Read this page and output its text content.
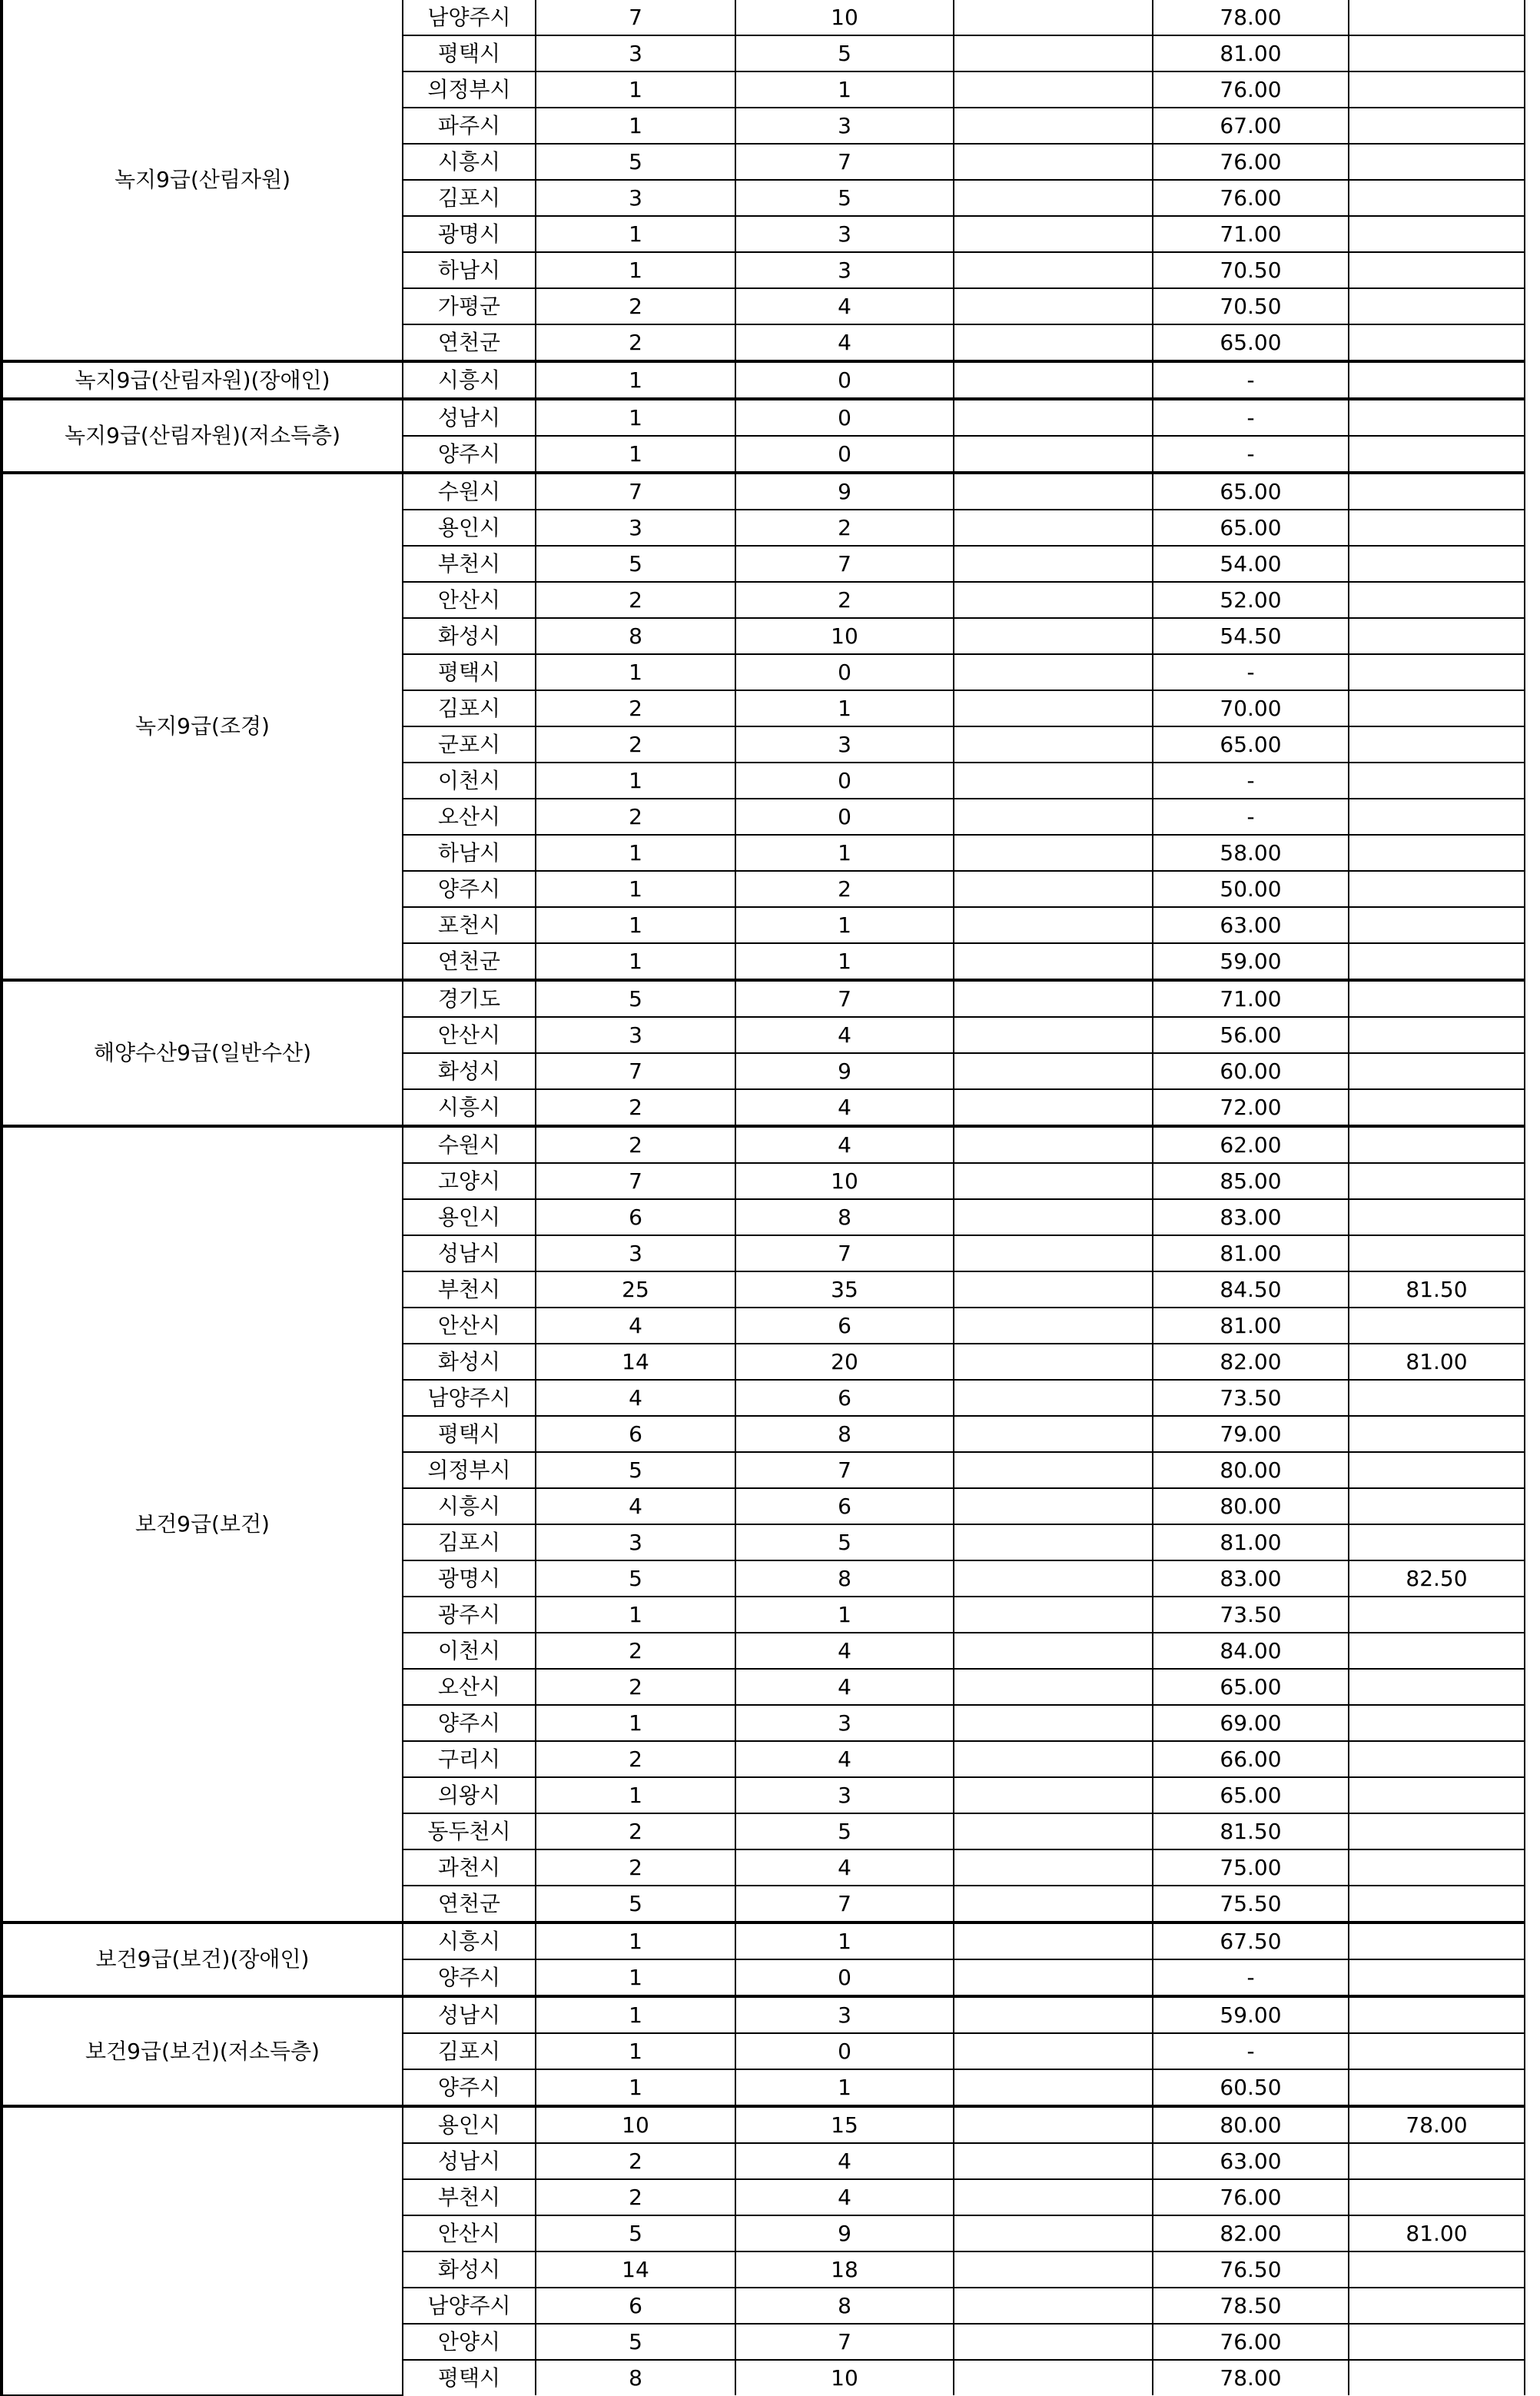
녹지9급(산림자원)	남양주시	7	10		78.00	
	평택시	3	5		81.00	
	의정부시	1	1		76.00	
	파주시	1	3		67.00	
	시흥시	5	7		76.00	
	김포시	3	5		76.00	
	광명시	1	3		71.00	
	하남시	1	3		70.50	
	가평군	2	4		70.50	
	연천군	2	4		65.00	
녹지9급(산림자원)(장애인)	시흥시	1	0		-	
녹지9급(산림자원)(저소득층)	성남시	1	0		-	
	양주시	1	0		-	
녹지9급(조경)	수원시	7	9		65.00	
	용인시	3	2		65.00	
	부천시	5	7		54.00	
	안산시	2	2		52.00	
	화성시	8	10		54.50	
	평택시	1	0		-	
	김포시	2	1		70.00	
	군포시	2	3		65.00	
	이천시	1	0		-	
	오산시	2	0		-	
	하남시	1	1		58.00	
	양주시	1	2		50.00	
	포천시	1	1		63.00	
	연천군	1	1		59.00	
해양수산9급(일반수산)	경기도	5	7		71.00	
	안산시	3	4		56.00	
	화성시	7	9		60.00	
	시흥시	2	4		72.00	
보건9급(보건)	수원시	2	4		62.00	
	고양시	7	10		85.00	
	용인시	6	8		83.00	
	성남시	3	7		81.00	
	부천시	25	35		84.50	81.50
	안산시	4	6		81.00	
	화성시	14	20		82.00	81.00
	남양주시	4	6		73.50	
	평택시	6	8		79.00	
	의정부시	5	7		80.00	
	시흥시	4	6		80.00	
	김포시	3	5		81.00	
	광명시	5	8		83.00	82.50
	광주시	1	1		73.50	
	이천시	2	4		84.00	
	오산시	2	4		65.00	
	양주시	1	3		69.00	
	구리시	2	4		66.00	
	의왕시	1	3		65.00	
	동두천시	2	5		81.50	
	과천시	2	4		75.00	
	연천군	5	7		75.50	
보건9급(보건)(장애인)	시흥시	1	1		67.50	
	양주시	1	0		-	
보건9급(보건)(저소득층)	성남시	1	3		59.00	
	김포시	1	0		-	
	양주시	1	1		60.50	
	용인시	10	15		80.00	78.00
	성남시	2	4		63.00	
	부천시	2	4		76.00	
	안산시	5	9		82.00	81.00
	화성시	14	18		76.50	
	남양주시	6	8		78.50	
	안양시	5	7		76.00	
	평택시	8	10		78.00	
